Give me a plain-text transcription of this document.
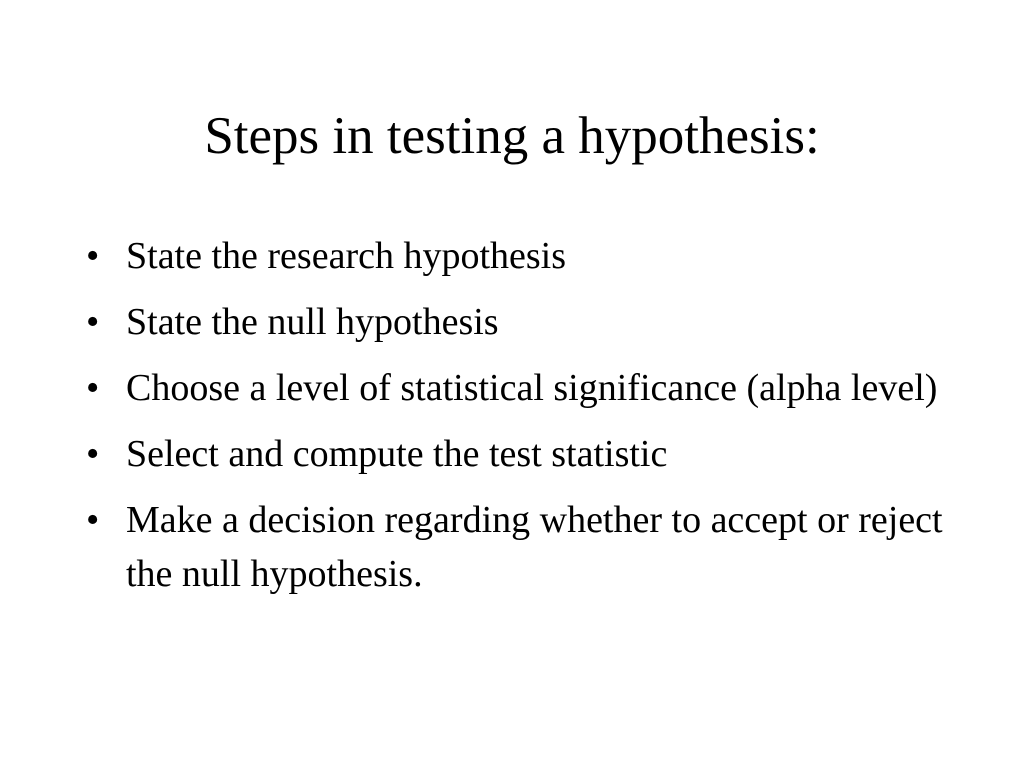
Steps in testing a hypothesis:
• State the research hypothesis
• State the null hypothesis
• Choose a level of statistical significance (alpha level)
• Select and compute the test statistic
• Make a decision regarding whether to accept or reject the null hypothesis.
